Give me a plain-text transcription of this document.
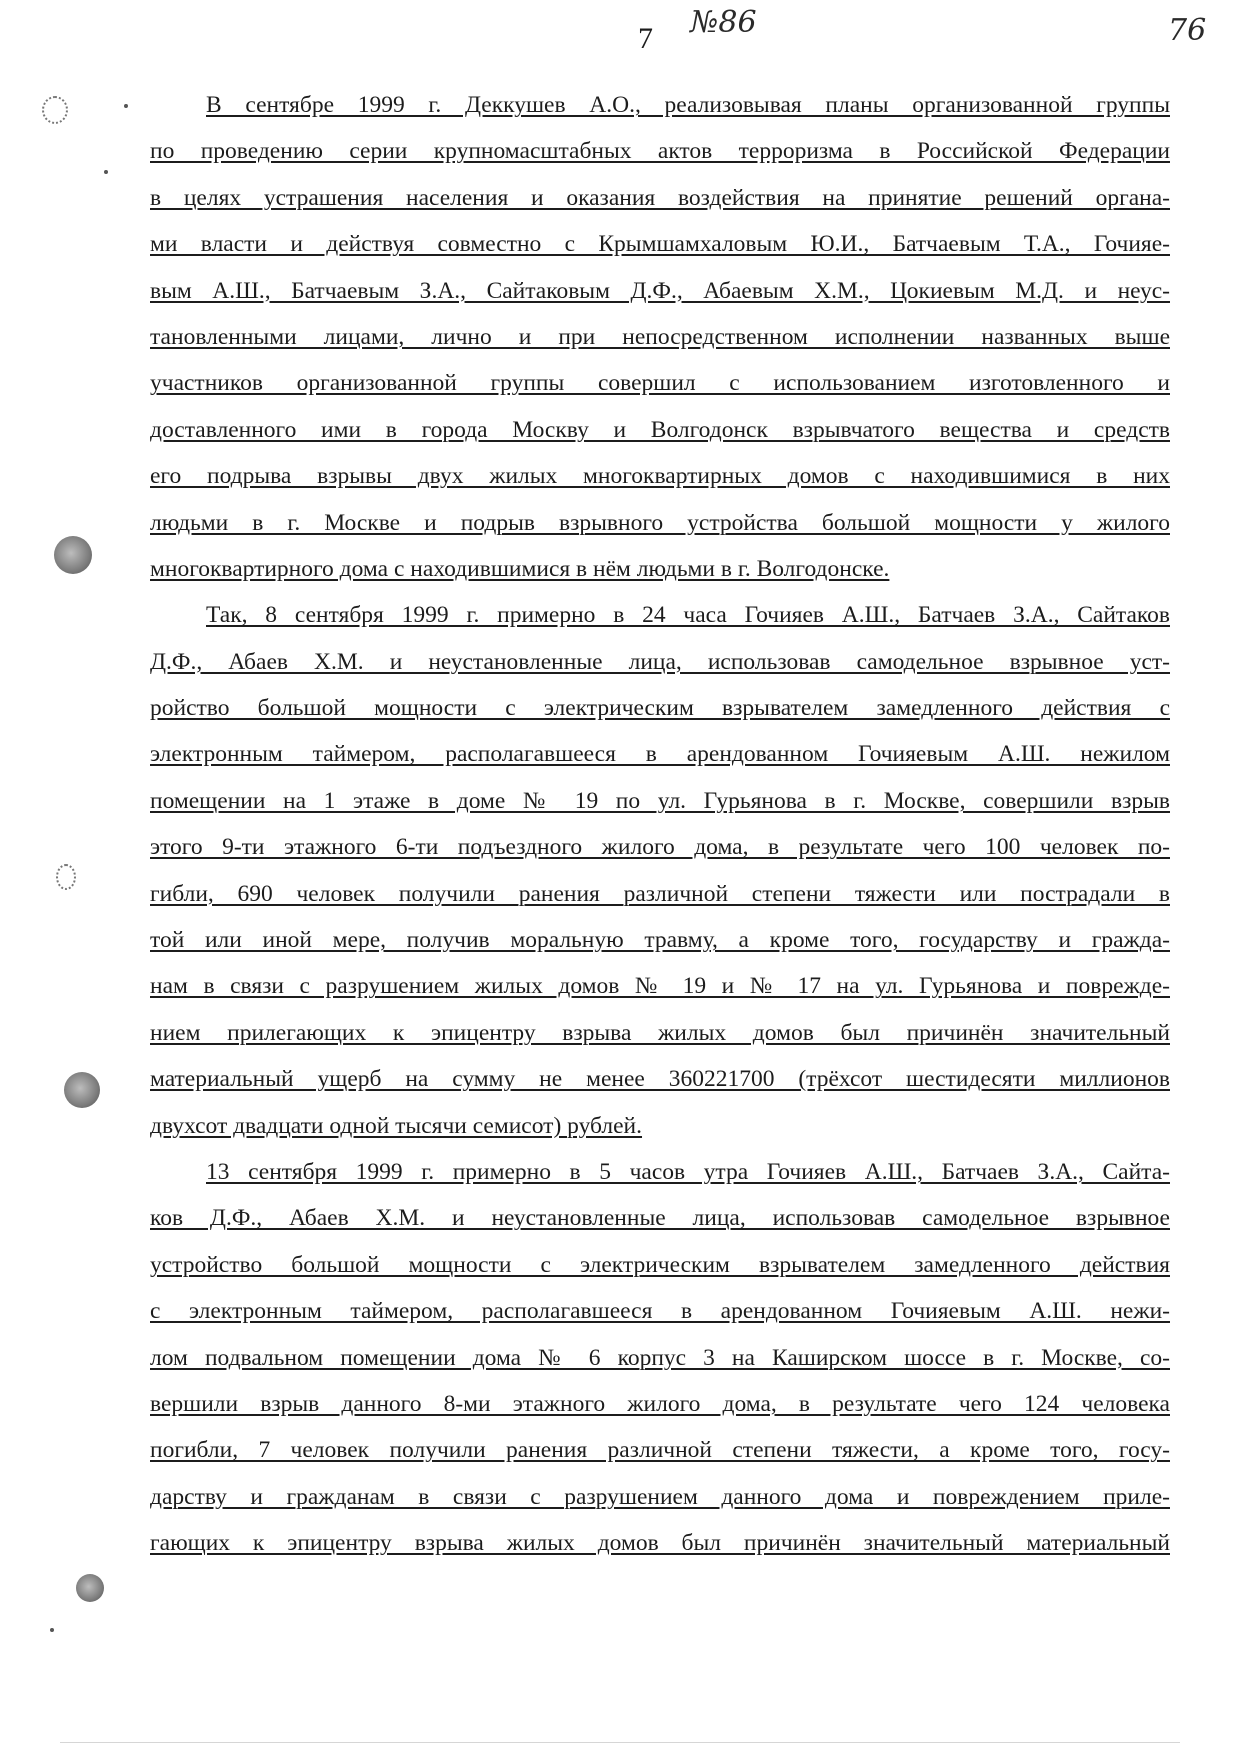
7 №86	76

В сентябре 1999 г. Деккушев А.О., реализовывая планы организованной группы
по проведению серии крупномасштабных актов терроризма в Российской Федерации
в целях устрашения населения и оказания воздействия на принятие решений органа-
ми власти и действуя совместно с Крымшамхаловым Ю.И., Батчаевым Т.А., Гочияе-
вым А.Ш., Батчаевым З.А., Сайтаковым Д.Ф., Абаевым Х.М., Цокиевым М.Д. и неус-
тановленными лицами, лично и при непосредственном исполнении названных выше
участников организованной группы совершил с использованием изготовленного и
доставленного ими в города Москву и Волгодонск взрывчатого вещества и средств
его подрыва взрывы двух жилых многоквартирных домов с находившимися в них
людьми в г. Москве и подрыв взрывного устройства большой мощности у жилого
многоквартирного дома с находившимися в нём людьми в г. Волгодонске.

Так, 8 сентября 1999 г. примерно в 24 часа Гочияев А.Ш., Батчаев З.А., Сайтаков
Д.Ф., Абаев Х.М. и неустановленные лица, использовав самодельное взрывное уст-
ройство большой мощности с электрическим взрывателем замедленного действия с
электронным таймером, располагавшееся в арендованном Гочияевым А.Ш. нежилом
помещении на 1 этаже в доме № 19 по ул. Гурьянова в г. Москве, совершили взрыв
этого 9-ти этажного 6-ти подъездного жилого дома, в результате чего 100 человек по-
гибли, 690 человек получили ранения различной степени тяжести или пострадали в
той или иной мере, получив моральную травму, а кроме того, государству и гражда-
нам в связи с разрушением жилых домов № 19 и № 17 на ул. Гурьянова и поврежде-
нием прилегающих к эпицентру взрыва жилых домов был причинён значительный
материальный ущерб на сумму не менее 360221700 (трёхсот шестидесяти миллионов
двухсот двадцати одной тысячи семисот) рублей.

13 сентября 1999 г. примерно в 5 часов утра Гочияев А.Ш., Батчаев З.А., Сайта-
ков Д.Ф., Абаев Х.М. и неустановленные лица, использовав самодельное взрывное
устройство большой мощности с электрическим взрывателем замедленного действия
с электронным таймером, располагавшееся в арендованном Гочияевым А.Ш. нежи-
лом подвальном помещении дома № 6 корпус 3 на Каширском шоссе в г. Москве, со-
вершили взрыв данного 8-ми этажного жилого дома, в результате чего 124 человека
погибли, 7 человек получили ранения различной степени тяжести, а кроме того, госу-
дарству и гражданам в связи с разрушением данного дома и повреждением приле-
гающих к эпицентру взрыва жилых домов был причинён значительный материальный
